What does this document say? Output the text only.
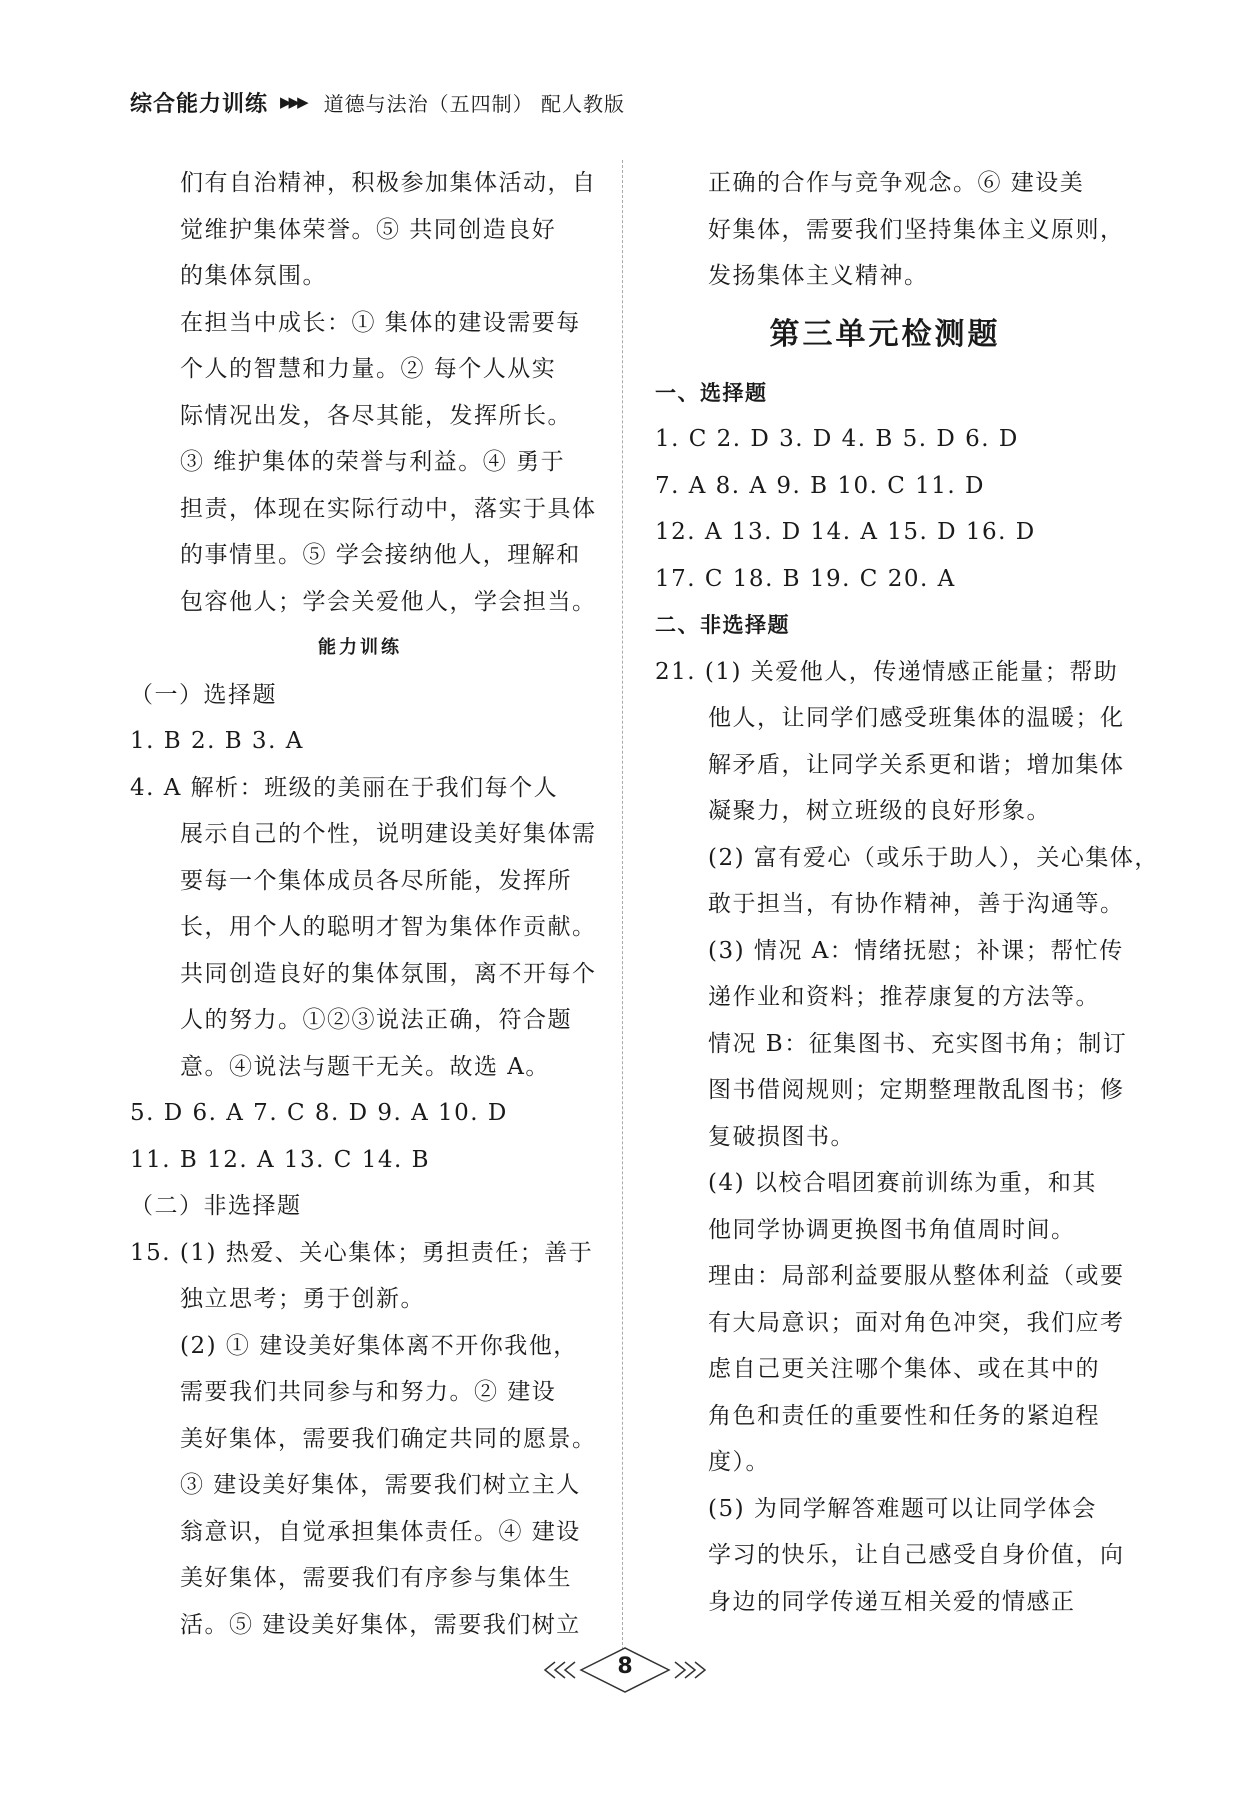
综合能力训练 ▶▶▶ 道德与法治（五四制） 配人教版
们有自治精神，积极参加集体活动，自
觉维护集体荣誉。⑤ 共同创造良好
的集体氛围。
在担当中成长：① 集体的建设需要每
个人的智慧和力量。② 每个人从实
际情况出发，各尽其能，发挥所长。
③ 维护集体的荣誉与利益。④ 勇于
担责，体现在实际行动中，落实于具体
的事情里。⑤ 学会接纳他人，理解和
包容他人；学会关爱他人，学会担当。
能力训练
（一）选择题
1. B 2. B 3. A
4. A 解析：班级的美丽在于我们每个人
展示自己的个性，说明建设美好集体需
要每一个集体成员各尽所能，发挥所
长，用个人的聪明才智为集体作贡献。
共同创造良好的集体氛围，离不开每个
人的努力。①②③说法正确，符合题
意。④说法与题干无关。故选 A。
5. D 6. A 7. C 8. D 9. A 10. D
11. B 12. A 13. C 14. B
（二）非选择题
15. (1) 热爱、关心集体；勇担责任；善于
独立思考；勇于创新。
(2) ① 建设美好集体离不开你我他，
需要我们共同参与和努力。② 建设
美好集体，需要我们确定共同的愿景。
③ 建设美好集体，需要我们树立主人
翁意识，自觉承担集体责任。④ 建设
美好集体，需要我们有序参与集体生
活。⑤ 建设美好集体，需要我们树立
正确的合作与竞争观念。⑥ 建设美
好集体，需要我们坚持集体主义原则，
发扬集体主义精神。
第三单元检测题
一、选择题
1. C 2. D 3. D 4. B 5. D 6. D
7. A 8. A 9. B 10. C 11. D
12. A 13. D 14. A 15. D 16. D
17. C 18. B 19. C 20. A
二、非选择题
21. (1) 关爱他人，传递情感正能量；帮助
他人，让同学们感受班集体的温暖；化
解矛盾，让同学关系更和谐；增加集体
凝聚力，树立班级的良好形象。
(2) 富有爱心（或乐于助人），关心集体，
敢于担当，有协作精神，善于沟通等。
(3) 情况 A：情绪抚慰；补课；帮忙传
递作业和资料；推荐康复的方法等。
情况 B：征集图书、充实图书角；制订
图书借阅规则；定期整理散乱图书；修
复破损图书。
(4) 以校合唱团赛前训练为重，和其
他同学协调更换图书角值周时间。
理由：局部利益要服从整体利益（或要
有大局意识；面对角色冲突，我们应考
虑自己更关注哪个集体、或在其中的
角色和责任的重要性和任务的紧迫程
度）。
(5) 为同学解答难题可以让同学体会
学习的快乐，让自己感受自身价值，向
身边的同学传递互相关爱的情感正
8
